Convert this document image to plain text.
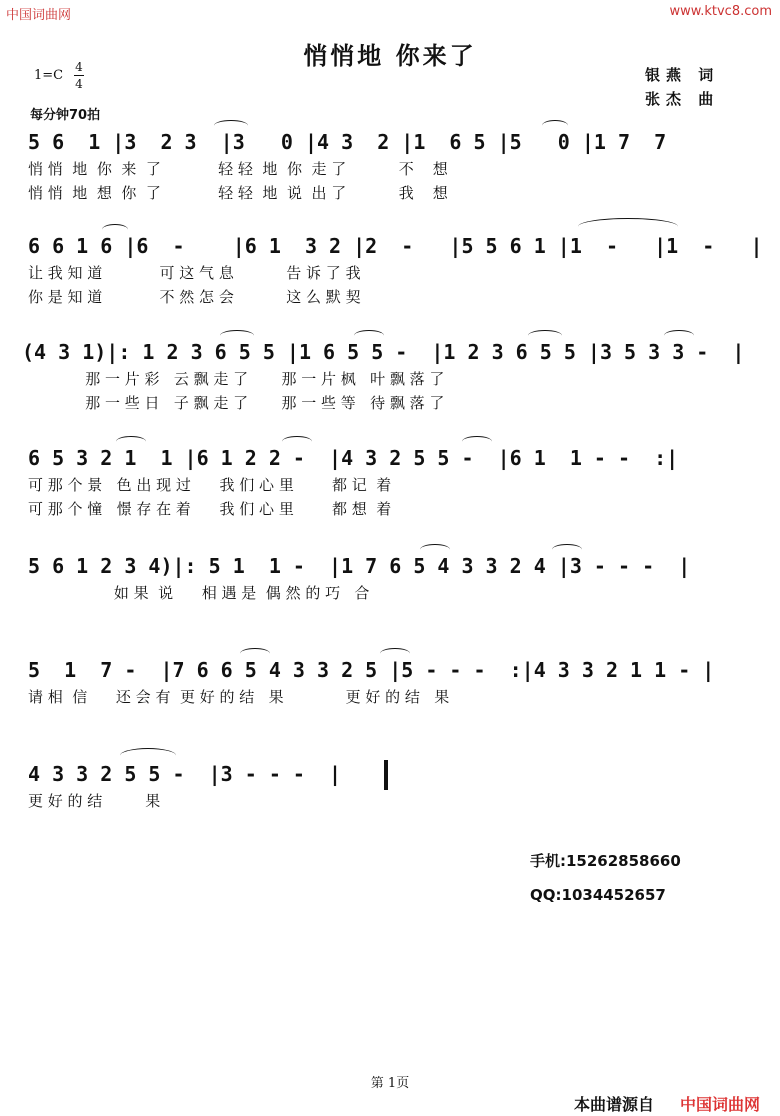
中国词曲网	www.ktvc8.com
悄悄地 你来了
银燕 词
张杰 曲
1=C
4
4
每分钟70拍
5 6  1 |3  2 3  |3   0 |4 3  2 |1  6 5 |5   0 |1 7  7
悄 悄  地  你  来  了            轻 轻  地  你  走 了           不    想
悄 悄  地  想  你  了            轻 轻  地  说  出 了           我    想
6 6 1 6 |6  -    |6 1  3 2 |2  -   |5 5 6 1 |1  -   |1  -   |
让 我 知 道            可 这 气 息           告 诉 了 我
你 是 知 道            不 然 怎 会           这 么 默 契
(4 3 1)|: 1 2 3 6 5 5 |1 6 5 5 -  |1 2 3 6 5 5 |3 5 3 3 -  |
那 一 片 彩   云 飘 走 了       那 一 片 枫   叶 飘 落 了
那 一 些 日   子 飘 走 了       那 一 些 等   待 飘 落 了
6 5 3 2 1  1 |6 1 2 2 -  |4 3 2 5 5 -  |6 1  1 - -  :|
可 那 个 景   色 出 现 过      我 们 心 里        都 记  着
可 那 个 憧   憬 存 在 着      我 们 心 里        都 想  着
5 6 1 2 3 4)|: 5 1  1 -  |1 7 6 5 4 3 3 2 4 |3 - - -  |
如 果  说      相 遇 是  偶 然 的 巧   合
5  1  7 -  |7 6 6 5 4 3 3 2 5 |5 - - -  :|4 3 3 2 1 1 - |
请 相  信      还 会 有  更 好 的 结   果             更 好 的 结   果
4 3 3 2 5 5 -  |3 - - -  |
更 好 的 结         果
手机:15262858660
QQ:1034452657
第 1页
本曲谱源自 中国词曲网
